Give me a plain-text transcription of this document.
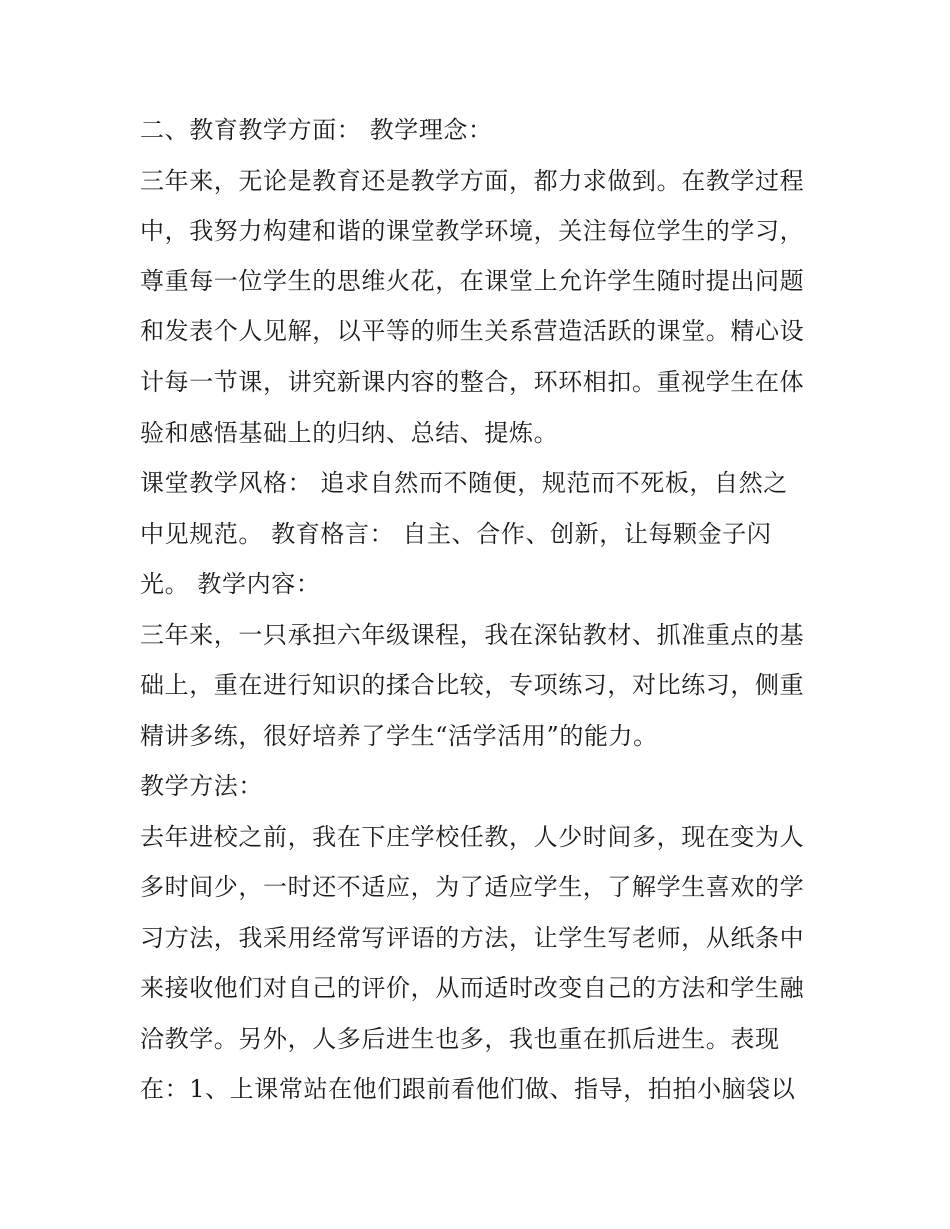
二、教育教学方面： 教学理念：

三年来，无论是教育还是教学方面，都力求做到。在教学过程

中，我努力构建和谐的课堂教学环境，关注每位学生的学习，

尊重每一位学生的思维火花，在课堂上允许学生随时提出问题

和发表个人见解，以平等的师生关系营造活跃的课堂。精心设

计每一节课，讲究新课内容的整合，环环相扣。重视学生在体

验和感悟基础上的归纳、总结、提炼。

课堂教学风格： 追求自然而不随便，规范而不死板，自然之

中见规范。 教育格言： 自主、合作、创新，让每颗金子闪

光。 教学内容：

三年来，一只承担六年级课程，我在深钻教材、抓准重点的基

础上，重在进行知识的揉合比较，专项练习，对比练习，侧重

精讲多练，很好培养了学生“活学活用”的能力。

教学方法：

去年进校之前，我在下庄学校任教，人少时间多，现在变为人

多时间少，一时还不适应，为了适应学生，了解学生喜欢的学

习方法，我采用经常写评语的方法，让学生写老师，从纸条中

来接收他们对自己的评价，从而适时改变自己的方法和学生融

洽教学。另外，人多后进生也多，我也重在抓后进生。表现

在：1、上课常站在他们跟前看他们做、指导，拍拍小脑袋以
